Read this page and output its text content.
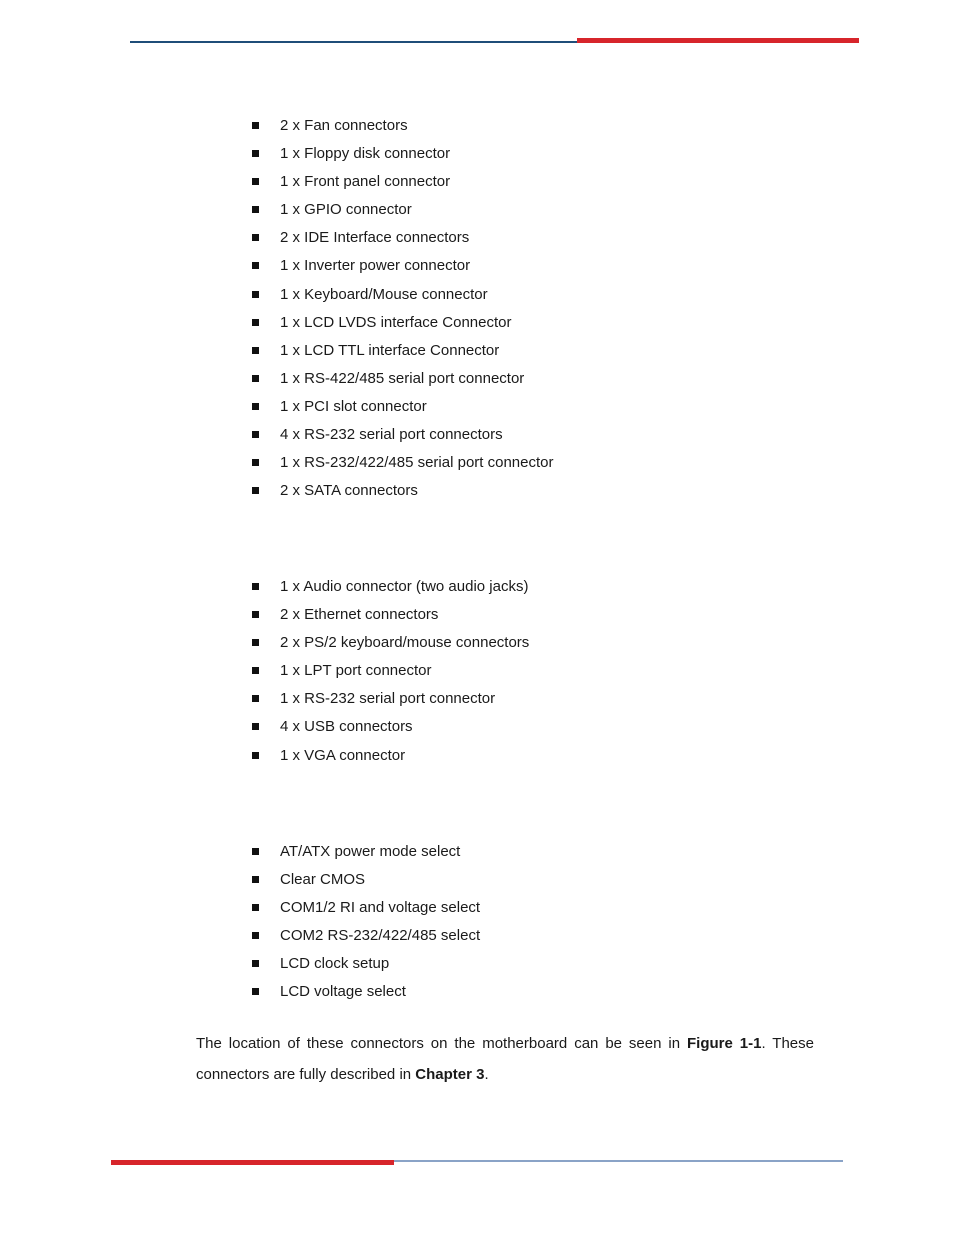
2 x Fan connectors
1 x Floppy disk connector
1 x Front panel connector
1 x GPIO connector
2 x IDE Interface connectors
1 x Inverter power connector
1 x Keyboard/Mouse connector
1 x LCD LVDS interface Connector
1 x LCD TTL interface Connector
1 x RS-422/485 serial port connector
1 x PCI slot connector
4 x RS-232 serial port connectors
1 x RS-232/422/485 serial port connector
2 x SATA connectors
1 x Audio connector (two audio jacks)
2 x Ethernet connectors
2 x PS/2 keyboard/mouse connectors
1 x LPT port connector
1 x RS-232 serial port connector
4 x USB connectors
1 x VGA connector
AT/ATX power mode select
Clear CMOS
COM1/2 RI and voltage select
COM2 RS-232/422/485 select
LCD clock setup
LCD voltage select

The location of these connectors on the motherboard can be seen in Figure 1-1. These connectors are fully described in Chapter 3.
